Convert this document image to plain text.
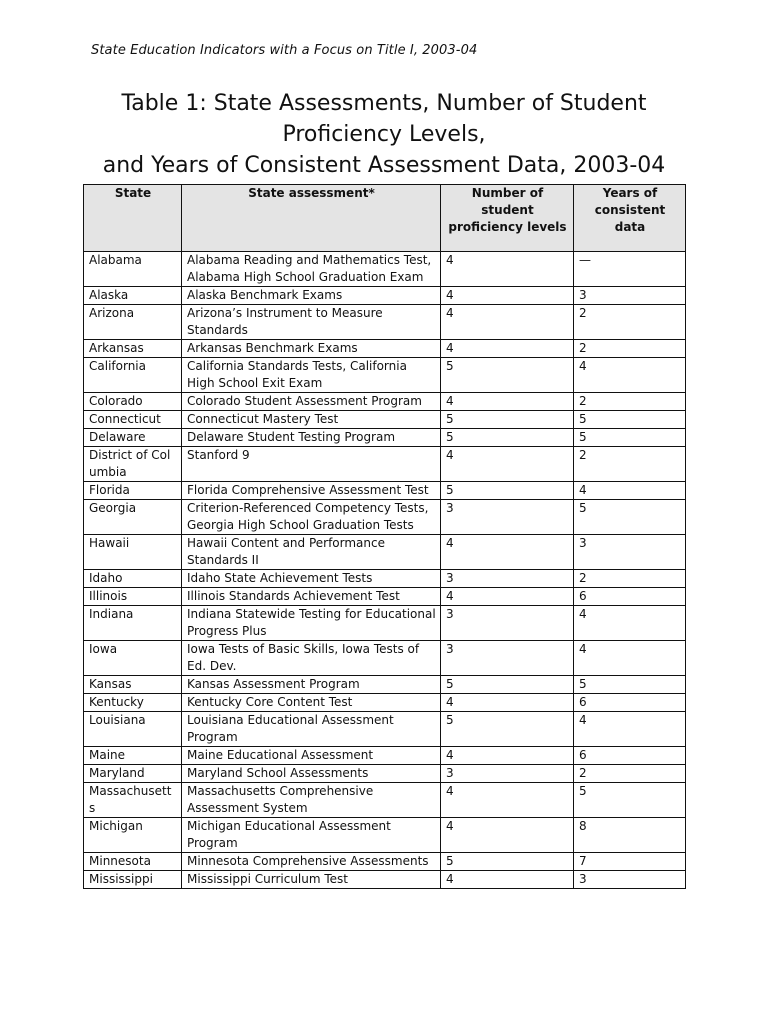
State Education Indicators with a Focus on Title I, 2003-04
Table 1: State Assessments, Number of Student
Proficiency Levels,
and Years of Consistent Assessment Data, 2003-04
State	State assessment*	Number of student proficiency levels	Years of consistent data
Alabama	Alabama Reading and Mathematics Test, Alabama High School Graduation Exam	4	—
Alaska	Alaska Benchmark Exams	4	3
Arizona	Arizona’s Instrument to Measure Standards	4	2
Arkansas	Arkansas Benchmark Exams	4	2
California	California Standards Tests, California High School Exit Exam	5	4
Colorado	Colorado Student Assessment Program	4	2
Connecticut	Connecticut Mastery Test	5	5
Delaware	Delaware Student Testing Program	5	5
District of Columbia	Stanford 9	4	2
Florida	Florida Comprehensive Assessment Test	5	4
Georgia	Criterion-Referenced Competency Tests, Georgia High School Graduation Tests	3	5
Hawaii	Hawaii Content and Performance Standards II	4	3
Idaho	Idaho State Achievement Tests	3	2
Illinois	Illinois Standards Achievement Test	4	6
Indiana	Indiana Statewide Testing for Educational Progress Plus	3	4
Iowa	Iowa Tests of Basic Skills, Iowa Tests of Ed. Dev.	3	4
Kansas	Kansas Assessment Program	5	5
Kentucky	Kentucky Core Content Test	4	6
Louisiana	Louisiana Educational Assessment Program	5	4
Maine	Maine Educational Assessment	4	6
Maryland	Maryland School Assessments	3	2
Massachusetts	Massachusetts Comprehensive Assessment System	4	5
Michigan	Michigan Educational Assessment Program	4	8
Minnesota	Minnesota Comprehensive Assessments	5	7
Mississippi	Mississippi Curriculum Test	4	3
